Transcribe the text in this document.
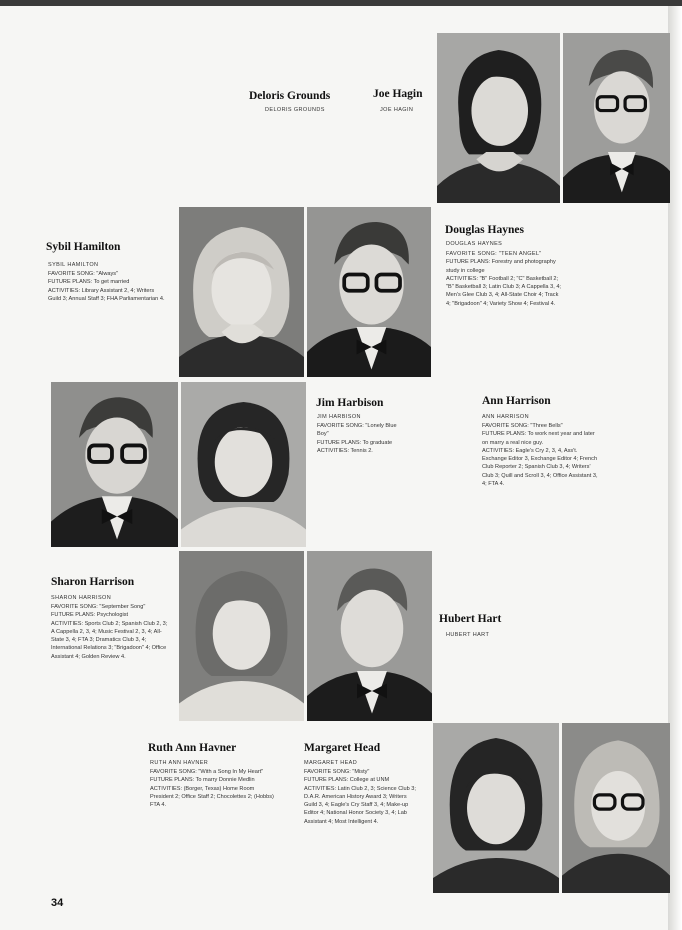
Deloris Grounds
DELORIS GROUNDS
Joe Hagin
JOE HAGIN
Douglas Haynes
DOUGLAS HAYNES

FAVORITE SONG: "TEEN ANGEL"

FUTURE PLANS: Forestry and photography study in college

ACTIVITIES: "B" Football 2; "C" Basketball 2; "B" Basketball 3; Latin Club 3; A Cappella 3, 4; Men's Glee Club 3, 4; All-State Choir 4; Track 4; "Brigadoon" 4; Variety Show 4; Festival 4.

Sybil Hamilton
SYBIL HAMILTON

FAVORITE SONG: "Always"

FUTURE PLANS: To get married

ACTIVITIES: Library Assistant 2, 4; Writers Guild 3; Annual Staff 3; FHA Parliamentarian 4.

Jim Harbison
JIM HARBISON

FAVORITE SONG: "Lonely Blue Boy"

FUTURE PLANS: To graduate

ACTIVITIES: Tennis 2.

Ann Harrison
ANN HARRISON

FAVORITE SONG: "Three Bells"

FUTURE PLANS: To work next year and later on marry a real nice guy.

ACTIVITIES: Eagle's Cry 2, 3, 4, Ass't. Exchange Editor 3, Exchange Editor 4; French Club Reporter 2; Spanish Club 3, 4; Writers' Club 3; Quill and Scroll 3, 4; Office Assistant 3, 4; FTA 4.

Sharon Harrison
SHARON HARRISON

FAVORITE SONG: "September Song"

FUTURE PLANS: Psychologist

ACTIVITIES: Sports Club 2; Spanish Club 2, 3; A Cappella 2, 3, 4; Music Festival 2, 3, 4; All-State 3, 4; FTA 3; Dramatics Club 3, 4; International Relations 3; "Brigadoon" 4; Office Assistant 4; Golden Review 4.

Hubert Hart
HUBERT HART
Ruth Ann Havner
RUTH ANN HAVNER

FAVORITE SONG: "With a Song In My Heart"

FUTURE PLANS: To marry Donnie Medlin

ACTIVITIES: (Borger, Texas) Home Room President 2; Office Staff 2; Chocolettes 2; (Hobbs) FTA 4.

Margaret Head
MARGARET HEAD

FAVORITE SONG: "Misty"

FUTURE PLANS: College at UNM

ACTIVITIES: Latin Club 2, 3; Science Club 3; D.A.R. American History Award 3; Writers Guild 3, 4; Eagle's Cry Staff 3, 4; Make-up Editor 4; National Honor Society 3, 4; Lab Assistant 4; Most Intelligent 4.

34
